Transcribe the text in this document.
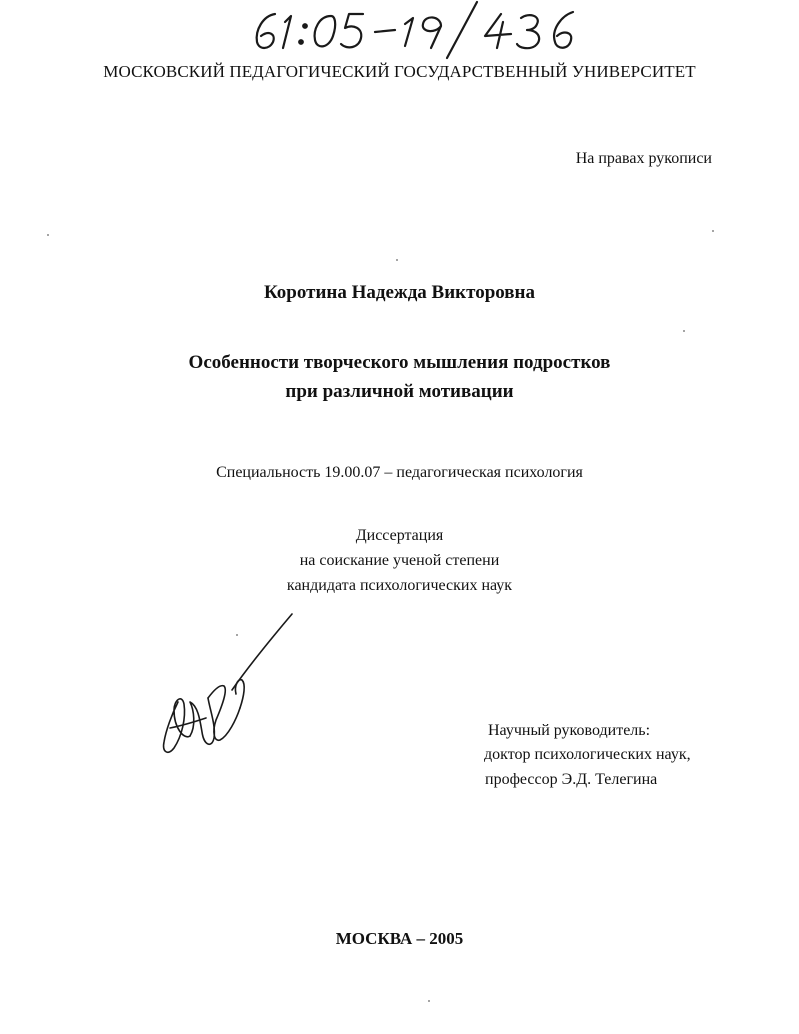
МОСКОВСКИЙ ПЕДАГОГИЧЕСКИЙ ГОСУДАРСТВЕННЫЙ УНИВЕРСИТЕТ
На правах рукописи
Коротина Надежда Викторовна
Особенности творческого мышления подростков
при различной мотивации
Специальность 19.00.07 – педагогическая психология
Диссертация
на соискание ученой степени
кандидата психологических наук
Научный руководитель:
доктор психологических наук,
профессор Э.Д. Телегина
МОСКВА – 2005
